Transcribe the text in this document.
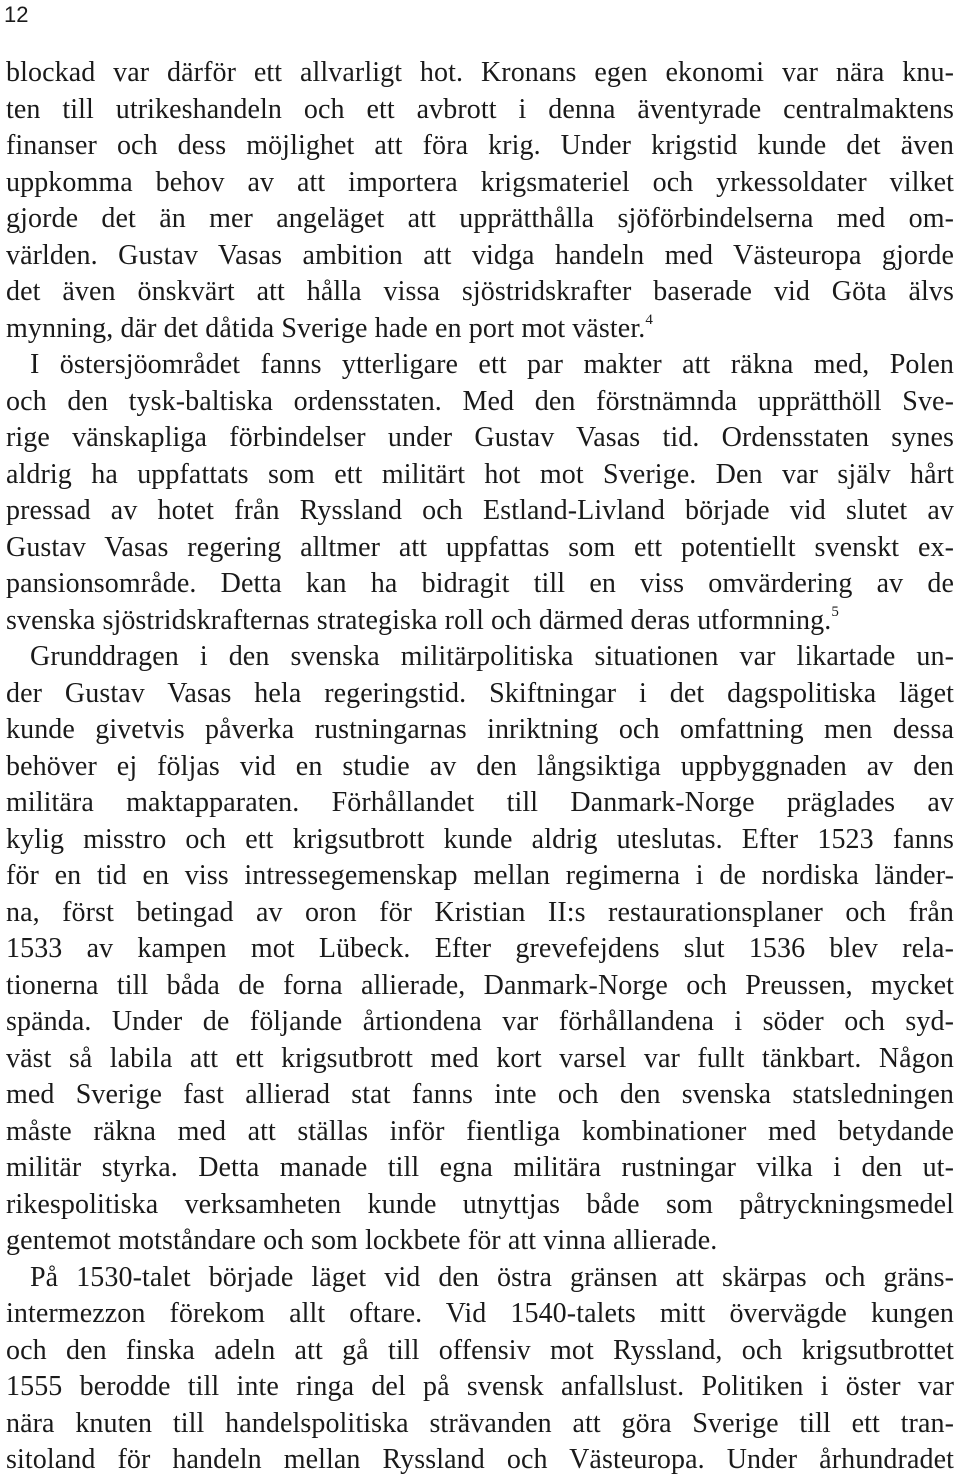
12
blockad var därför ett allvarligt hot. Kronans egen ekonomi var nära knu-
ten till utrikeshandeln och ett avbrott i denna äventyrade centralmaktens
finanser och dess möjlighet att föra krig. Under krigstid kunde det även
uppkomma behov av att importera krigsmateriel och yrkessoldater vilket
gjorde det än mer angeläget att upprätthålla sjöförbindelserna med om-
världen. Gustav Vasas ambition att vidga handeln med Västeuropa gjorde
det även önskvärt att hålla vissa sjöstridskrafter baserade vid Göta älvs
mynning, där det dåtida Sverige hade en port mot väster.$^4$
I östersjöområdet fanns ytterligare ett par makter att räkna med, Polen
och den tysk-baltiska ordensstaten. Med den förstnämnda upprätthöll Sve-
rige vänskapliga förbindelser under Gustav Vasas tid. Ordensstaten synes
aldrig ha uppfattats som ett militärt hot mot Sverige. Den var själv hårt
pressad av hotet från Ryssland och Estland-Livland började vid slutet av
Gustav Vasas regering alltmer att uppfattas som ett potentiellt svenskt ex-
pansionsområde. Detta kan ha bidragit till en viss omvärdering av de
svenska sjöstridskrafternas strategiska roll och därmed deras utformning.$^5$
Grunddragen i den svenska militärpolitiska situationen var likartade un-
der Gustav Vasas hela regeringstid. Skiftningar i det dagspolitiska läget
kunde givetvis påverka rustningarnas inriktning och omfattning men dessa
behöver ej följas vid en studie av den långsiktiga uppbyggnaden av den
militära maktapparaten. Förhållandet till Danmark-Norge präglades av
kylig misstro och ett krigsutbrott kunde aldrig uteslutas. Efter 1523 fanns
för en tid en viss intressegemenskap mellan regimerna i de nordiska länder-
na, först betingad av oron för Kristian II:s restaurationsplaner och från
1533 av kampen mot Lübeck. Efter grevefejdens slut 1536 blev rela-
tionerna till båda de forna allierade, Danmark-Norge och Preussen, mycket
spända. Under de följande årtiondena var förhållandena i söder och syd-
väst så labila att ett krigsutbrott med kort varsel var fullt tänkbart. Någon
med Sverige fast allierad stat fanns inte och den svenska statsledningen
måste räkna med att ställas inför fientliga kombinationer med betydande
militär styrka. Detta manade till egna militära rustningar vilka i den ut-
rikespolitiska verksamheten kunde utnyttjas både som påtryckningsmedel
gentemot motståndare och som lockbete för att vinna allierade.
På 1530-talet började läget vid den östra gränsen att skärpas och gräns-
intermezzon förekom allt oftare. Vid 1540-talets mitt övervägde kungen
och den finska adeln att gå till offensiv mot Ryssland, och krigsutbrottet
1555 berodde till inte ringa del på svensk anfallslust. Politiken i öster var
nära knuten till handelspolitiska strävanden att göra Sverige till ett tran-
sitoland för handeln mellan Ryssland och Västeuropa. Under århundradet
